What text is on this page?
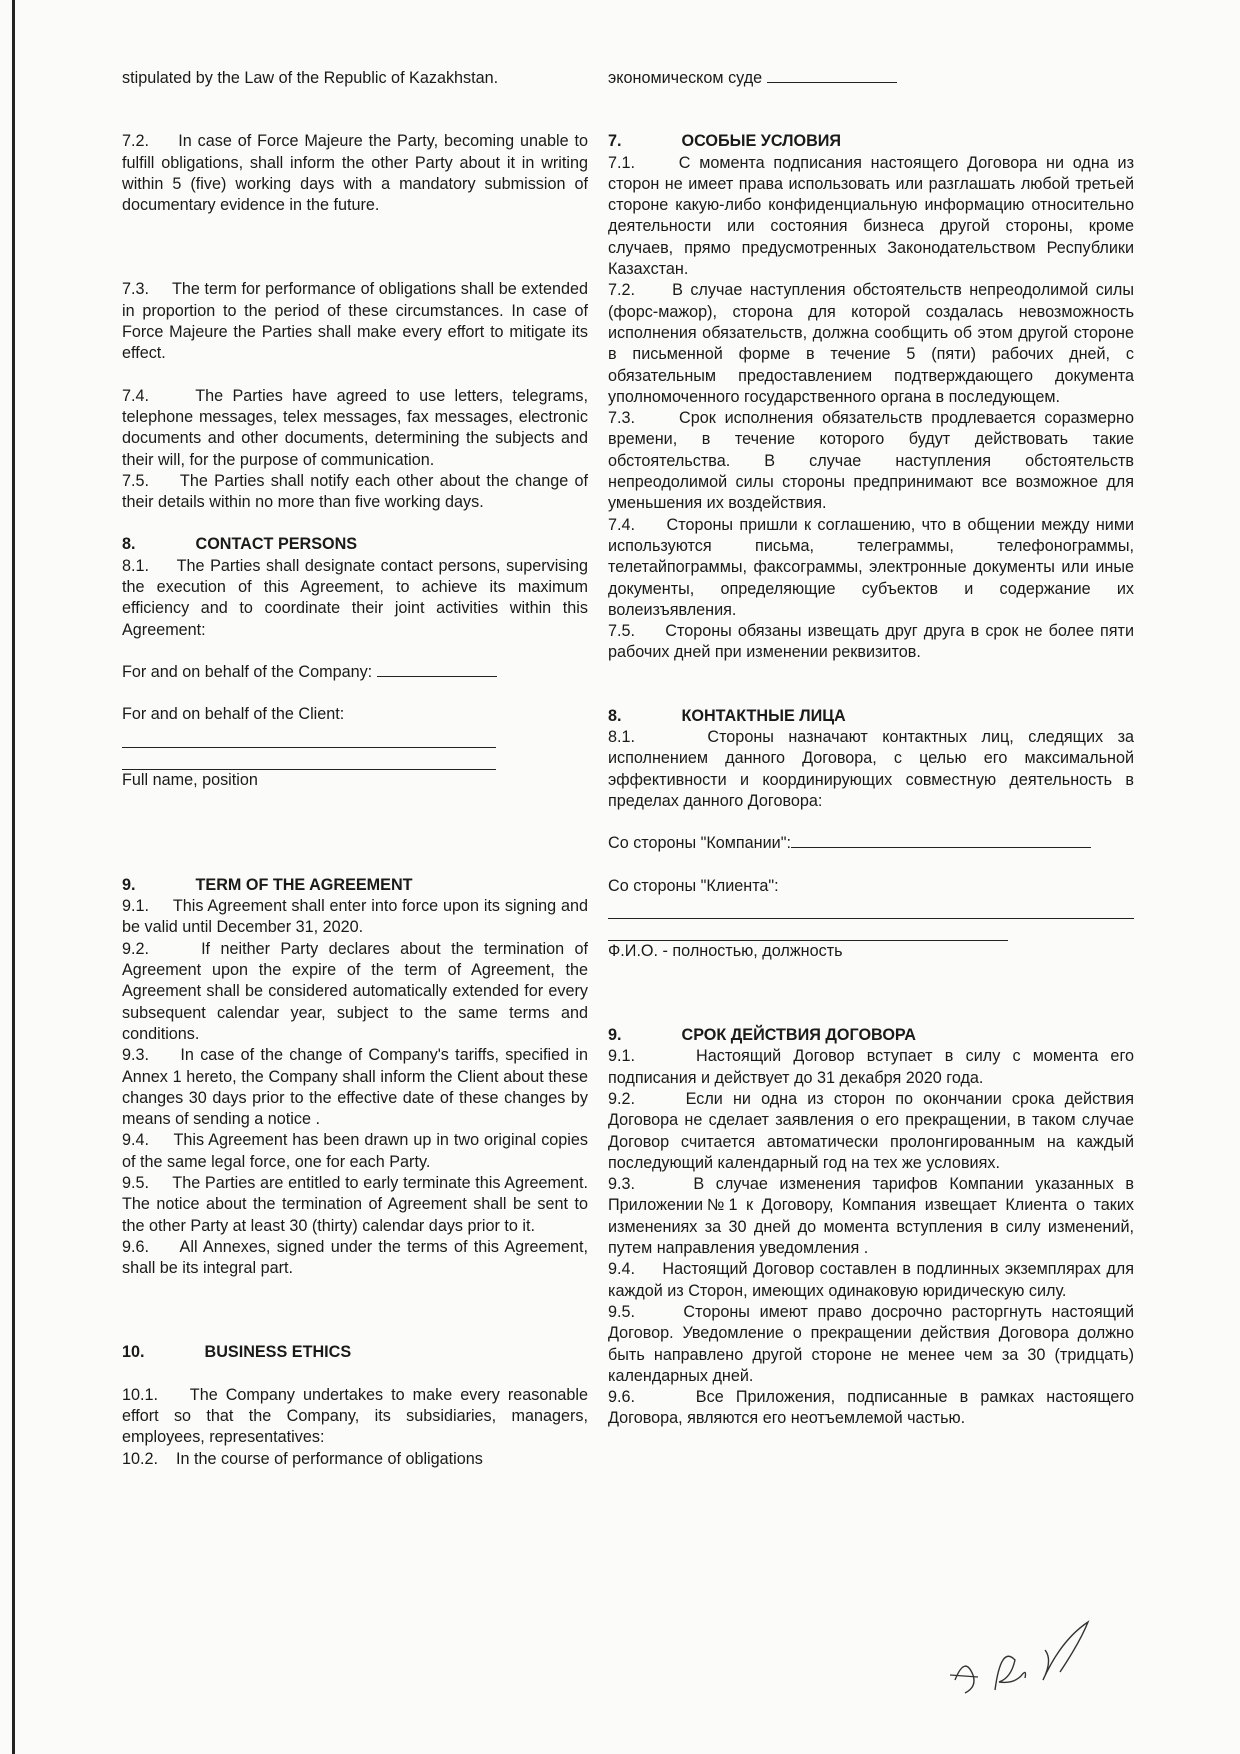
stipulated by the Law of the Republic of Kazakhstan.

7.2.     In case of Force Majeure the Party, becoming unable to fulfill obligations, shall inform the other Party about it in writing within 5 (five) working days with a mandatory submission of documentary evidence in the future.

7.3.     The term for performance of obligations shall be extended in proportion to the period of these circumstances. In case of Force Majeure the Parties shall make every effort to mitigate its effect.

7.4.     The Parties have agreed to use letters, telegrams, telephone messages, telex messages, fax messages, electronic documents and other documents, determining the subjects and their will, for the purpose of communication.

7.5.     The Parties shall notify each other about the change of their details within no more than five working days.

8.	CONTACT PERSONS

8.1.     The Parties shall designate contact persons, supervising the execution of this Agreement, to achieve its maximum efficiency and to coordinate their joint activities within this Agreement:

For and on behalf of the Company:

For and on behalf of the Client:

Full name, position

9.	TERM OF THE AGREEMENT

9.1.     This Agreement shall enter into force upon its signing and be valid until December 31, 2020.

9.2.     If neither Party declares about the termination of Agreement upon the expire of the term of Agreement, the Agreement shall be considered automatically extended for every subsequent calendar year, subject to the same terms and conditions.

9.3.     In case of the change of Company's tariffs, specified in Annex 1 hereto, the Company shall inform the Client about these changes 30 days prior to the effective date of these changes by means of sending a notice .

9.4.     This Agreement has been drawn up in two original copies of the same legal force, one for each Party.

9.5.     The Parties are entitled to early terminate this Agreement. The notice about the termination of Agreement shall be sent to the other Party at least 30 (thirty) calendar days prior to it.

9.6.     All Annexes, signed under the terms of this Agreement, shall be its integral part.

10.	BUSINESS ETHICS

10.1.    The Company undertakes to make every reasonable effort so that the Company, its subsidiaries, managers, employees, representatives:

10.2.    In the course of performance of obligations

экономическом суде

7.	ОСОБЫЕ УСЛОВИЯ

7.1.     С момента подписания настоящего Договора ни одна из сторон не имеет права использовать или разглашать любой третьей стороне какую-либо конфиденциальную информацию относительно деятельности или состояния бизнеса другой стороны, кроме случаев, прямо предусмотренных Законодательством Республики Казахстан.

7.2.     В случае наступления обстоятельств непреодолимой силы (форс-мажор), сторона для которой создалась невозможность исполнения обязательств, должна сообщить об этом другой стороне в письменной форме в течение 5 (пяти) рабочих дней, с обязательным предоставлением подтверждающего документа уполномоченного государственного органа в последующем.

7.3.     Срок исполнения обязательств продлевается соразмерно времени, в течение которого будут действовать такие обстоятельства. В случае наступления обстоятельств непреодолимой силы стороны предпринимают все возможное для уменьшения их воздействия.

7.4.     Стороны пришли к соглашению, что в общении между ними используются письма, телеграммы, телефонограммы, телетайпограммы, факсограммы, электронные документы или иные документы, определяющие субъектов и содержание их волеизъявления.

7.5.     Стороны обязаны извещать друг друга в срок не более пяти рабочих дней при изменении реквизитов.

8.	КОНТАКТНЫЕ ЛИЦА

8.1.     Стороны назначают контактных лиц, следящих за исполнением данного Договора, с целью его максимальной эффективности и координирующих совместную деятельность в пределах данного Договора:

Со стороны "Компании":

Со стороны "Клиента":

Ф.И.О. - полностью, должность

9.	СРОК ДЕЙСТВИЯ ДОГОВОРА

9.1.     Настоящий Договор вступает в силу с момента его подписания и действует до 31 декабря 2020 года.

9.2.     Если ни одна из сторон по окончании срока действия Договора не сделает заявления о его прекращении, в таком случае Договор считается автоматически пролонгированным на каждый последующий календарный год на тех же условиях.

9.3.     В случае изменения тарифов Компании указанных в Приложении№1 к Договору, Компания извещает Клиента о таких изменениях за 30 дней до момента вступления в силу изменений, путем направления уведомления .

9.4.     Настоящий Договор составлен в подлинных экземплярах для каждой из Сторон, имеющих одинаковую юридическую силу.

9.5.     Стороны имеют право досрочно расторгнуть настоящий Договор. Уведомление о прекращении действия Договора должно быть направлено другой стороне не менее чем за 30 (тридцать) календарных дней.

9.6.     Все Приложения, подписанные в рамках настоящего Договора, являются его неотъемлемой частью.
